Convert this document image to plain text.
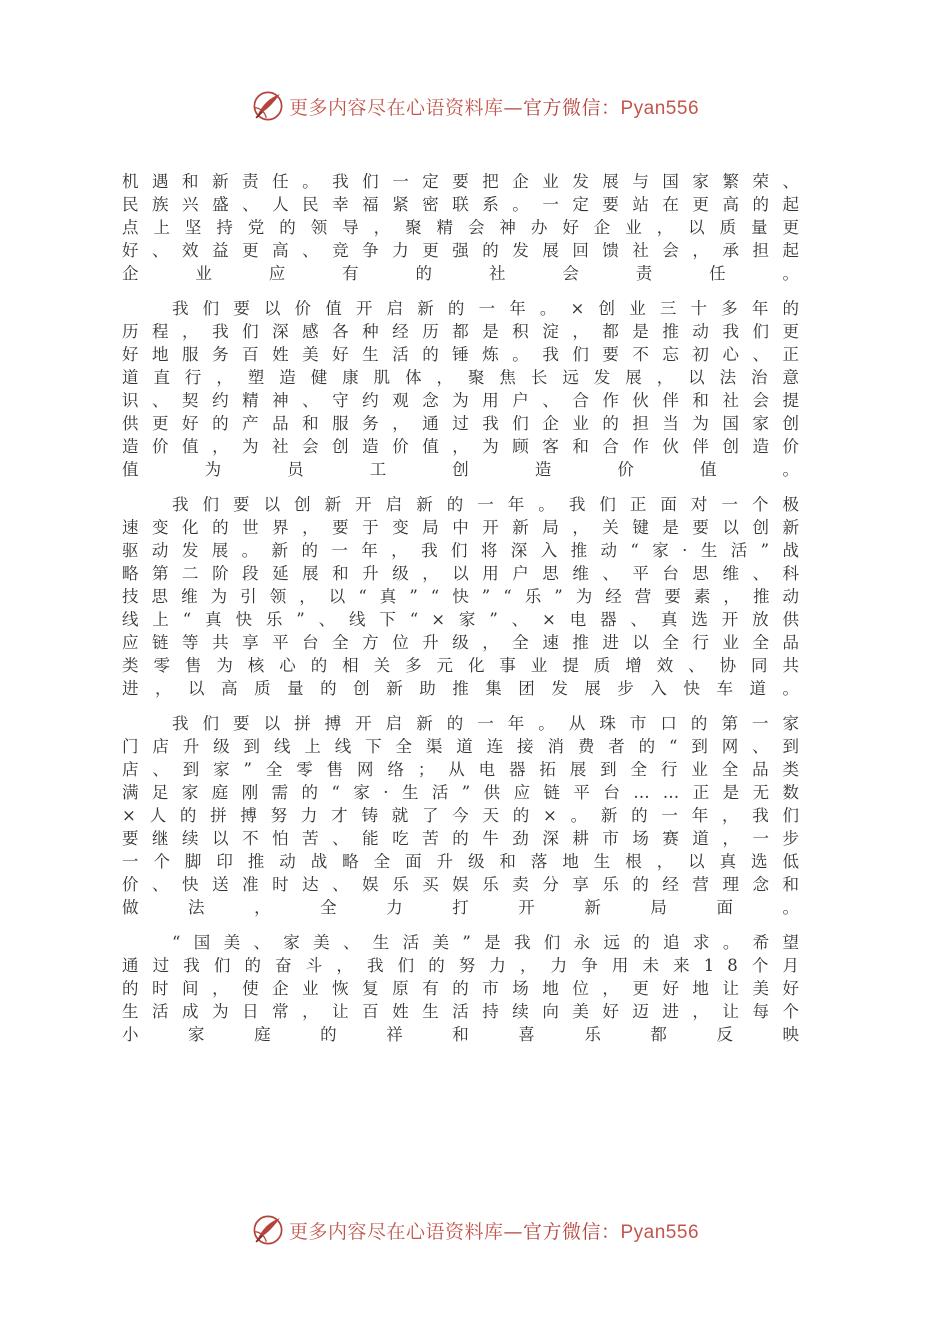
更多内容尽在心语资料库—官方微信：Pyan556

机遇和新责任。我们一定要把企业发展与国家繁荣、民族兴盛、人民幸福紧密联系。一定要站在更高的起点上坚持党的领导，聚精会神办好企业，以质量更好、效益更高、竞争力更强的发展回馈社会，承担起企业应有的社会责任。

我们要以价值开启新的一年。×创业三十多年的历程，我们深感各种经历都是积淀，都是推动我们更好地服务百姓美好生活的锤炼。我们要不忘初心、正道直行，塑造健康肌体，聚焦长远发展，以法治意识、契约精神、守约观念为用户、合作伙伴和社会提供更好的产品和服务，通过我们企业的担当为国家创造价值，为社会创造价值，为顾客和合作伙伴创造价值为员工创造价值。

我们要以创新开启新的一年。我们正面对一个极速变化的世界，要于变局中开新局，关键是要以创新驱动发展。新的一年，我们将深入推动“家·生活”战略第二阶段延展和升级，以用户思维、平台思维、科技思维为引领，以“真”“快”“乐”为经营要素，推动线上“真快乐”、线下“×家”、×电器、真选开放供应链等共享平台全方位升级，全速推进以全行业全品类零售为核心的相关多元化事业提质增效、协同共进，以高质量的创新助推集团发展步入快车道。

我们要以拼搏开启新的一年。从珠市口的第一家门店升级到线上线下全渠道连接消费者的“到网、到店、到家”全零售网络；从电器拓展到全行业全品类满足家庭刚需的“家·生活”供应链平台……正是无数×人的拼搏努力才铸就了今天的×。新的一年，我们要继续以不怕苦、能吃苦的牛劲深耕市场赛道，一步一个脚印推动战略全面升级和落地生根，以真选低价、快送准时达、娱乐买娱乐卖分享乐的经营理念和做法，全力打开新局面。

“国美、家美、生活美”是我们永远的追求。希望通过我们的奋斗，我们的努力，力争用未来18个月的时间，使企业恢复原有的市场地位，更好地让美好生活成为日常，让百姓生活持续向美好迈进，让每个小家庭的祥和喜乐都反映

更多内容尽在心语资料库—官方微信：Pyan556
